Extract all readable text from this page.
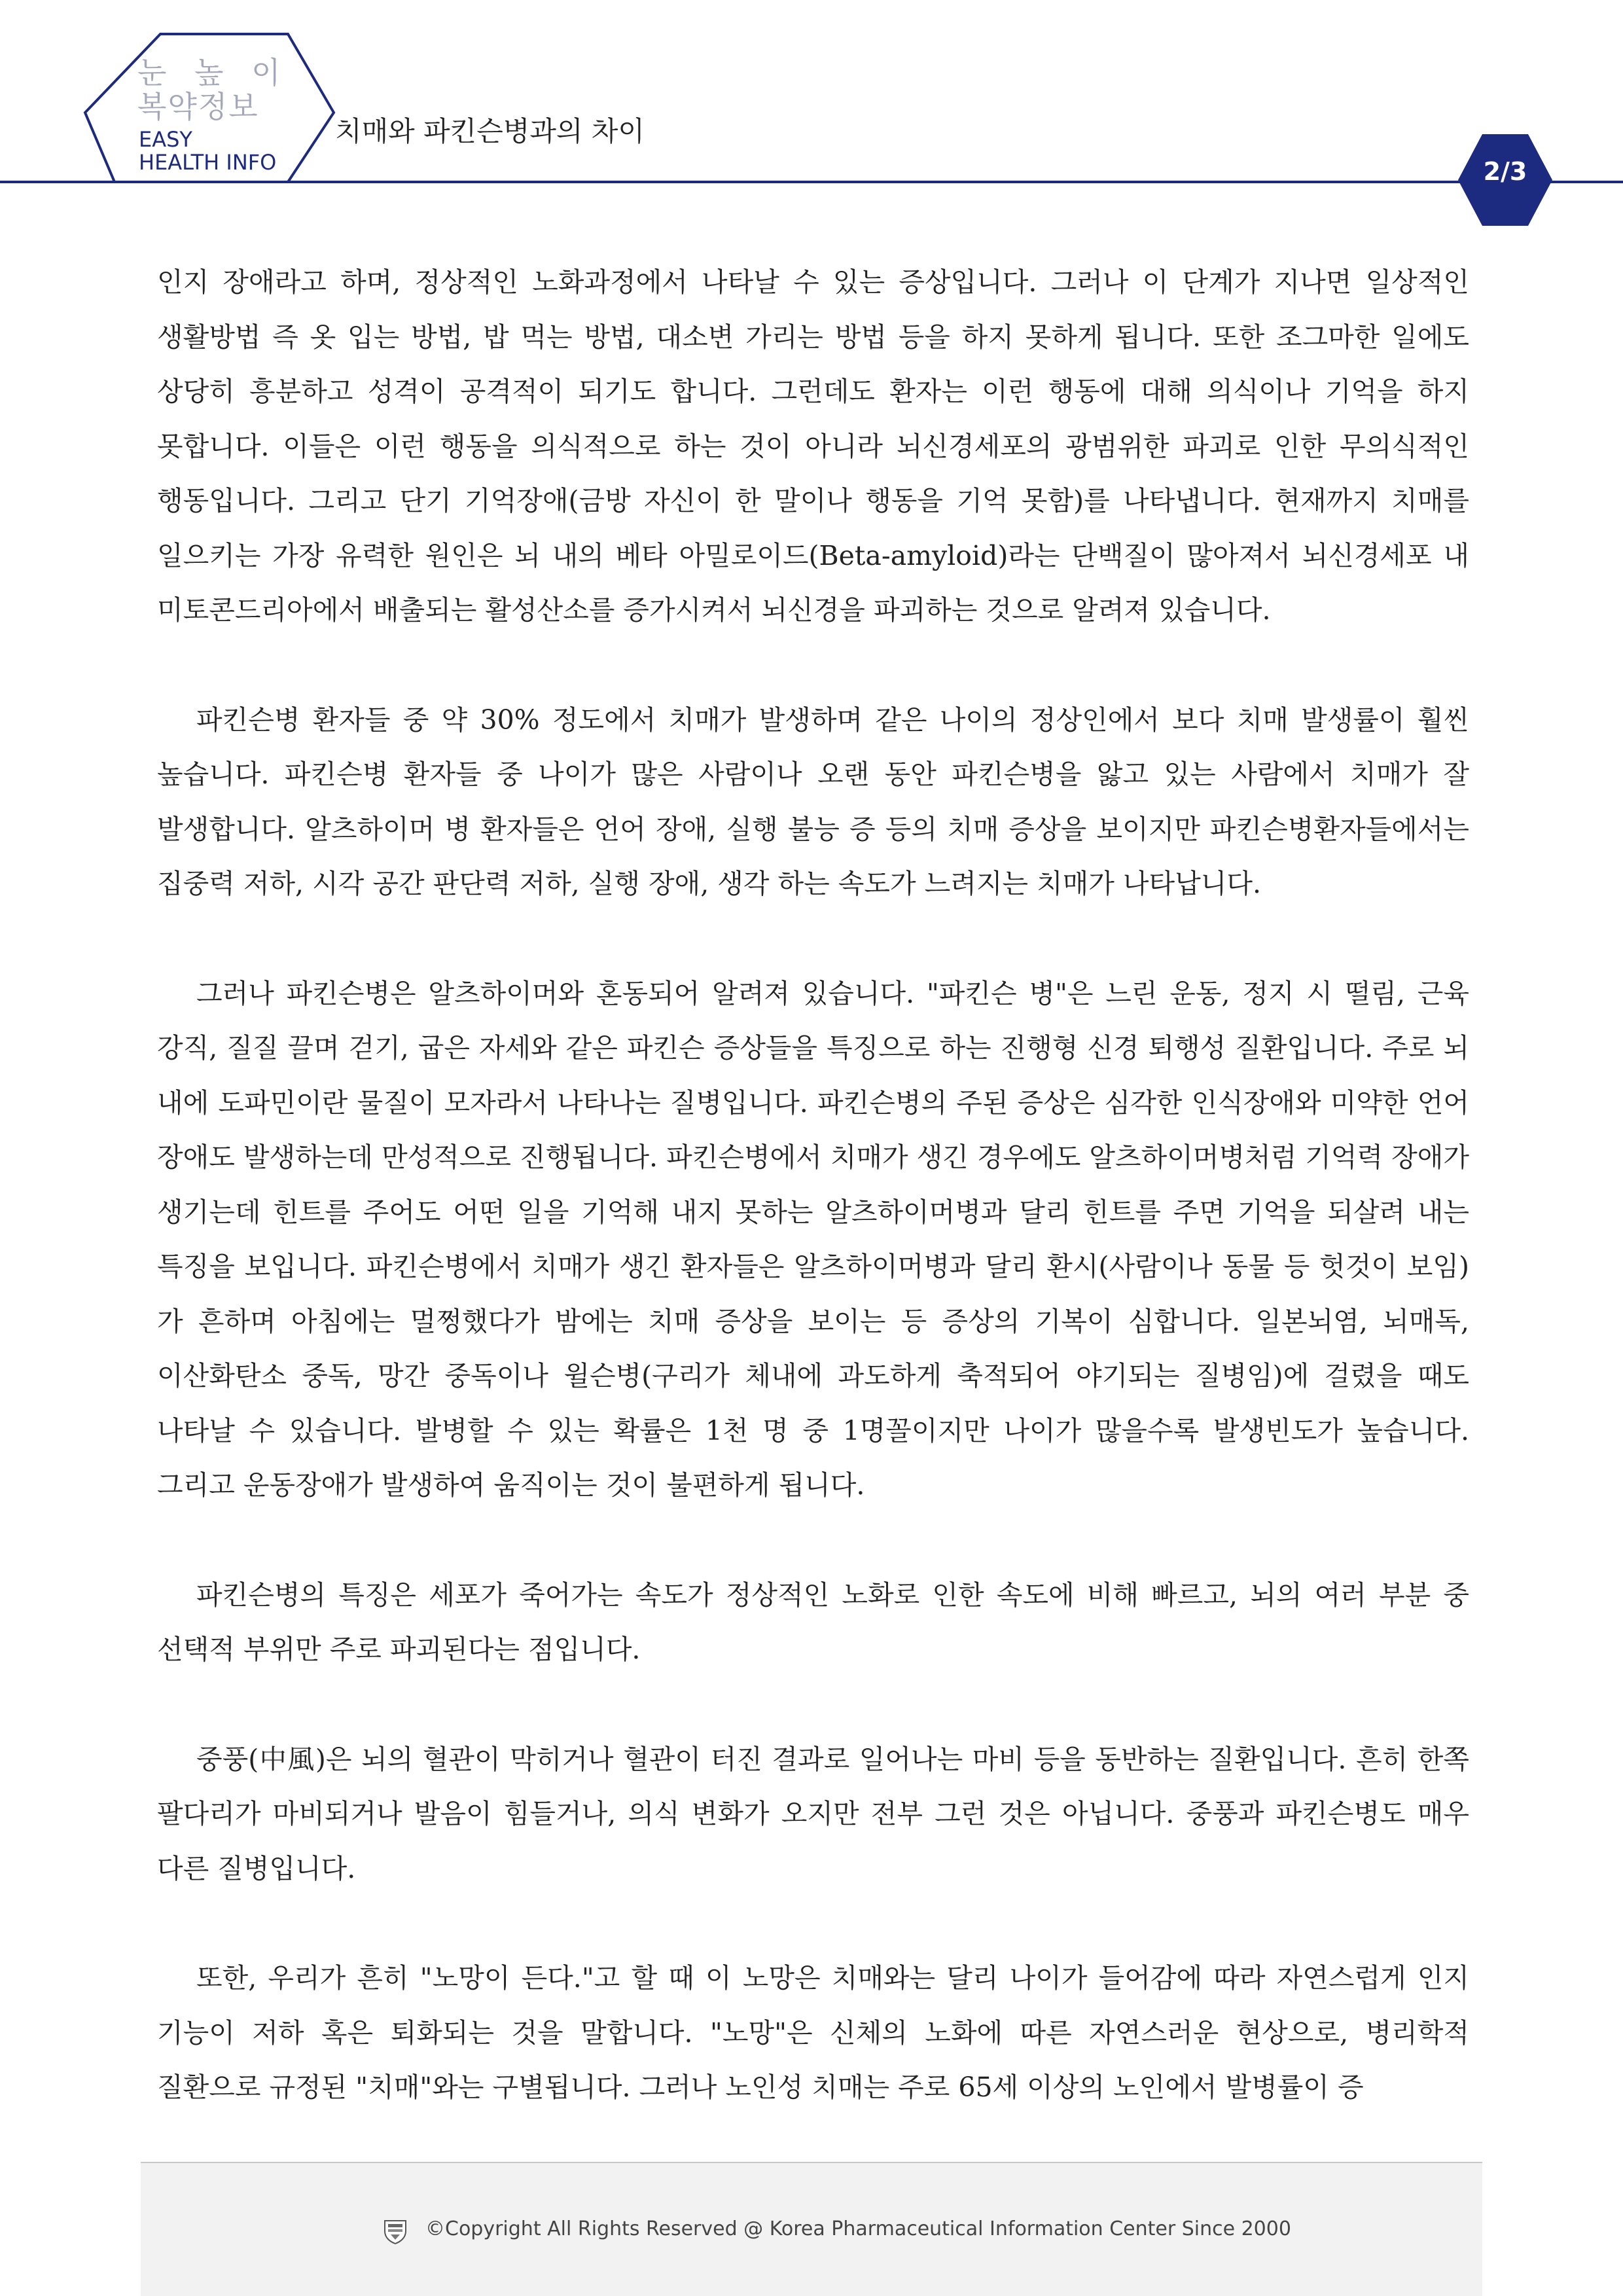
눈 높 이
복약정보
EASY
HEALTH INFO
치매와 파킨슨병과의 차이
2/3

인지 장애라고 하며, 정상적인 노화과정에서 나타날 수 있는 증상입니다. 그러나 이 단계가 지나면 일상적인 생활방법 즉 옷 입는 방법, 밥 먹는 방법, 대소변 가리는 방법 등을 하지 못하게 됩니다. 또한 조그마한 일에도 상당히 흥분하고 성격이 공격적이 되기도 합니다. 그런데도 환자는 이런 행동에 대해 의식이나 기억을 하지 못합니다. 이들은 이런 행동을 의식적으로 하는 것이 아니라 뇌신경세포의 광범위한 파괴로 인한 무의식적인 행동입니다. 그리고 단기 기억장애(금방 자신이 한 말이나 행동을 기억 못함)를 나타냅니다. 현재까지 치매를 일으키는 가장 유력한 원인은 뇌 내의 베타 아밀로이드(Beta-amyloid)라는 단백질이 많아져서 뇌신경세포 내 미토콘드리아에서 배출되는 활성산소를 증가시켜서 뇌신경을 파괴하는 것으로 알려져 있습니다.

파킨슨병 환자들 중 약 30% 정도에서 치매가 발생하며 같은 나이의 정상인에서 보다 치매 발생률이 훨씬 높습니다. 파킨슨병 환자들 중 나이가 많은 사람이나 오랜 동안 파킨슨병을 앓고 있는 사람에서 치매가 잘 발생합니다. 알츠하이머 병 환자들은 언어 장애, 실행 불능 증 등의 치매 증상을 보이지만 파킨슨병환자들에서는 집중력 저하, 시각 공간 판단력 저하, 실행 장애, 생각 하는 속도가 느려지는 치매가 나타납니다.

그러나 파킨슨병은 알츠하이머와 혼동되어 알려져 있습니다. "파킨슨 병"은 느린 운동, 정지 시 떨림, 근육 강직, 질질 끌며 걷기, 굽은 자세와 같은 파킨슨 증상들을 특징으로 하는 진행형 신경 퇴행성 질환입니다. 주로 뇌 내에 도파민이란 물질이 모자라서 나타나는 질병입니다. 파킨슨병의 주된 증상은 심각한 인식장애와 미약한 언어 장애도 발생하는데 만성적으로 진행됩니다. 파킨슨병에서 치매가 생긴 경우에도 알츠하이머병처럼 기억력 장애가 생기는데 힌트를 주어도 어떤 일을 기억해 내지 못하는 알츠하이머병과 달리 힌트를 주면 기억을 되살려 내는 특징을 보입니다. 파킨슨병에서 치매가 생긴 환자들은 알츠하이머병과 달리 환시(사람이나 동물 등 헛것이 보임)가 흔하며 아침에는 멀쩡했다가 밤에는 치매 증상을 보이는 등 증상의 기복이 심합니다. 일본뇌염, 뇌매독, 이산화탄소 중독, 망간 중독이나 윌슨병(구리가 체내에 과도하게 축적되어 야기되는 질병임)에 걸렸을 때도 나타날 수 있습니다. 발병할 수 있는 확률은 1천 명 중 1명꼴이지만 나이가 많을수록 발생빈도가 높습니다. 그리고 운동장애가 발생하여 움직이는 것이 불편하게 됩니다.

파킨슨병의 특징은 세포가 죽어가는 속도가 정상적인 노화로 인한 속도에 비해 빠르고, 뇌의 여러 부분 중 선택적 부위만 주로 파괴된다는 점입니다.

중풍(中風)은 뇌의 혈관이 막히거나 혈관이 터진 결과로 일어나는 마비 등을 동반하는 질환입니다. 흔히 한쪽 팔다리가 마비되거나 발음이 힘들거나, 의식 변화가 오지만 전부 그런 것은 아닙니다. 중풍과 파킨슨병도 매우 다른 질병입니다.

또한, 우리가 흔히 "노망이 든다."고 할 때 이 노망은 치매와는 달리 나이가 들어감에 따라 자연스럽게 인지 기능이 저하 혹은 퇴화되는 것을 말합니다. "노망"은 신체의 노화에 따른 자연스러운 현상으로, 병리학적 질환으로 규정된 "치매"와는 구별됩니다. 그러나 노인성 치매는 주로 65세 이상의 노인에서 발병률이 증

©Copyright All Rights Reserved @ Korea Pharmaceutical Information Center Since 2000
